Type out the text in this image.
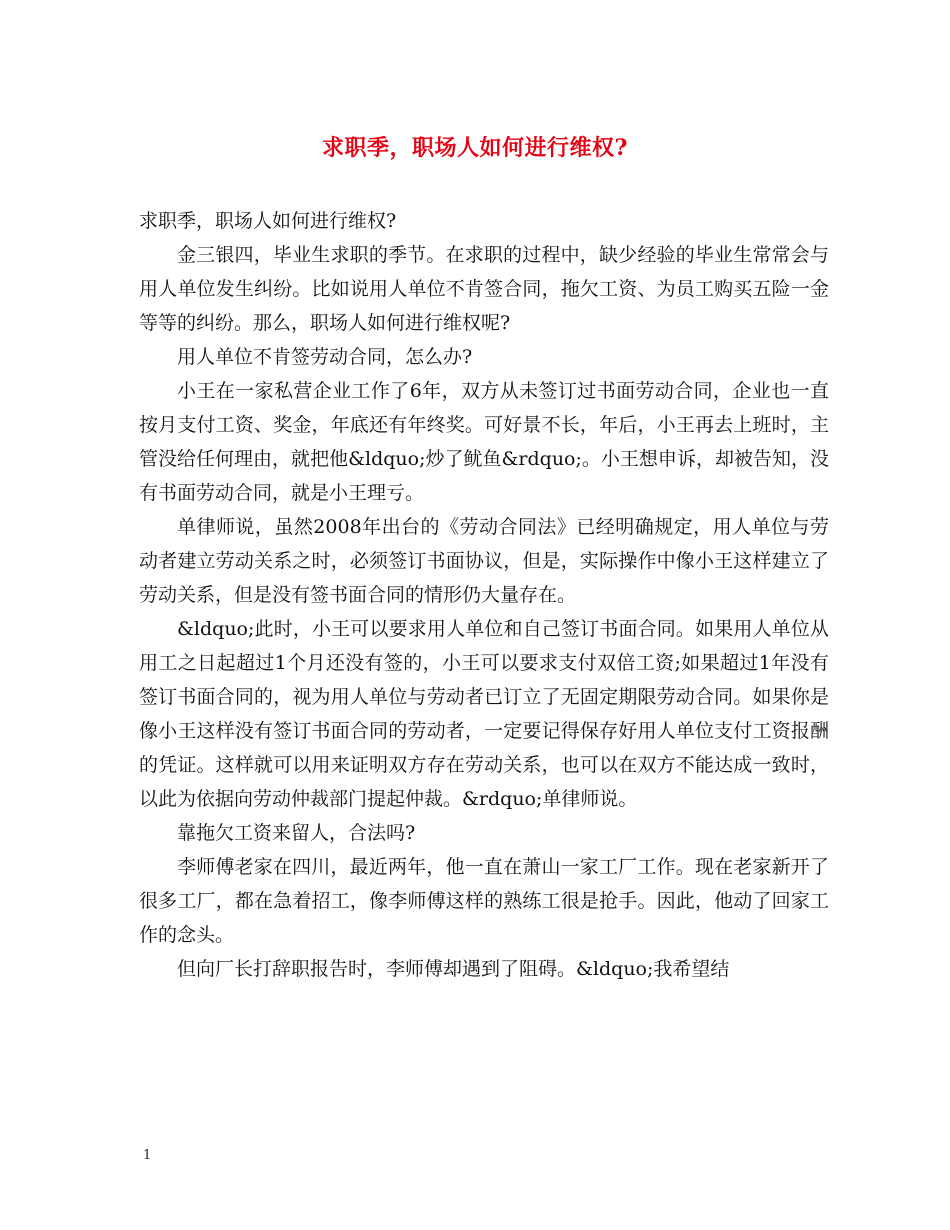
求职季，职场人如何进行维权?

求职季，职场人如何进行维权?

金三银四，毕业生求职的季节。在求职的过程中，缺少经验的毕业生常常会与用人单位发生纠纷。比如说用人单位不肯签合同，拖欠工资、为员工购买五险一金等等的纠纷。那么，职场人如何进行维权呢?

用人单位不肯签劳动合同，怎么办?

小王在一家私营企业工作了6年，双方从未签订过书面劳动合同，企业也一直按月支付工资、奖金，年底还有年终奖。可好景不长，年后，小王再去上班时，主管没给任何理由，就把他&ldquo;炒了鱿鱼&rdquo;。小王想申诉，却被告知，没有书面劳动合同，就是小王理亏。

单律师说，虽然2008年出台的《劳动合同法》已经明确规定，用人单位与劳动者建立劳动关系之时，必须签订书面协议，但是，实际操作中像小王这样建立了劳动关系，但是没有签书面合同的情形仍大量存在。

&ldquo;此时，小王可以要求用人单位和自己签订书面合同。如果用人单位从用工之日起超过1个月还没有签的，小王可以要求支付双倍工资;如果超过1年没有签订书面合同的，视为用人单位与劳动者已订立了无固定期限劳动合同。如果你是像小王这样没有签订书面合同的劳动者，一定要记得保存好用人单位支付工资报酬的凭证。这样就可以用来证明双方存在劳动关系，也可以在双方不能达成一致时，以此为依据向劳动仲裁部门提起仲裁。&rdquo;单律师说。

靠拖欠工资来留人，合法吗?

李师傅老家在四川，最近两年，他一直在萧山一家工厂工作。现在老家新开了很多工厂，都在急着招工，像李师傅这样的熟练工很是抢手。因此，他动了回家工作的念头。

但向厂长打辞职报告时，李师傅却遇到了阻碍。&ldquo;我希望结

1
